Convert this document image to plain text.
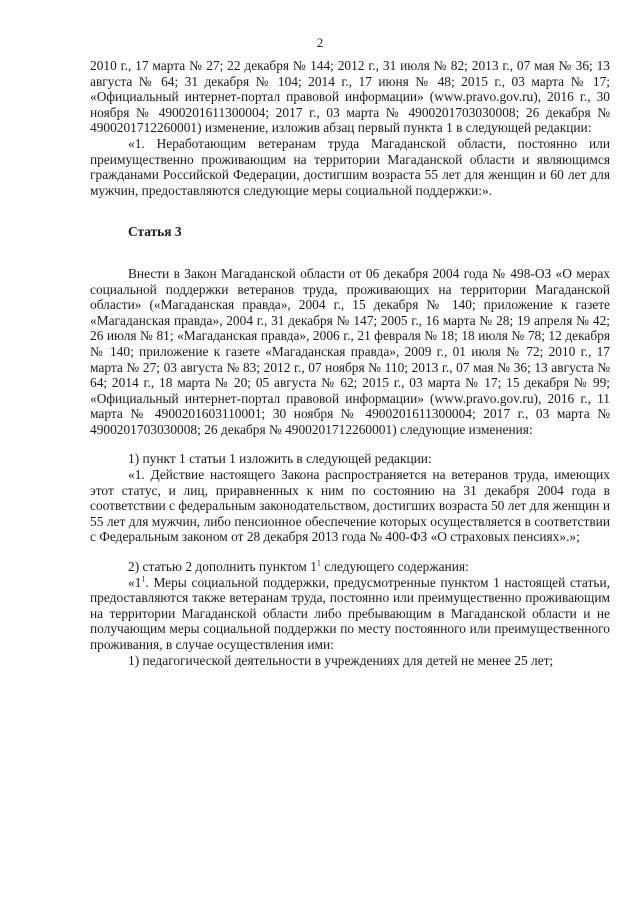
2

2010 г., 17 марта № 27; 22 декабря № 144; 2012 г., 31 июля № 82; 2013 г., 07 мая № 36; 13 августа № 64; 31 декабря № 104; 2014 г., 17 июня № 48; 2015 г., 03 марта № 17; «Официальный интернет-портал правовой информации» (www.pravo.gov.ru), 2016 г., 30 ноября № 4900201611300004; 2017 г., 03 марта № 4900201703030008; 26 декабря № 4900201712260001) изменение, изложив абзац первый пункта 1 в следующей редакции:

«1. Неработающим ветеранам труда Магаданской области, постоянно или преимущественно проживающим на территории Магаданской области и являющимся гражданами Российской Федерации, достигшим возраста 55 лет для женщин и 60 лет для мужчин, предоставляются следующие меры социальной поддержки:».

Статья 3

Внести в Закон Магаданской области от 06 декабря 2004 года № 498-ОЗ «О мерах социальной поддержки ветеранов труда, проживающих на территории Магаданской области» («Магаданская правда», 2004 г., 15 декабря № 140; приложение к газете «Магаданская правда», 2004 г., 31 декабря № 147; 2005 г., 16 марта № 28; 19 апреля № 42; 26 июля № 81; «Магаданская правда», 2006 г., 21 февраля № 18; 18 июля № 78; 12 декабря № 140; приложение к газете «Магаданская правда», 2009 г., 01 июля № 72; 2010 г., 17 марта № 27; 03 августа № 83; 2012 г., 07 ноября № 110; 2013 г., 07 мая № 36; 13 августа № 64; 2014 г., 18 марта № 20; 05 августа № 62; 2015 г., 03 марта № 17; 15 декабря № 99; «Официальный интернет-портал правовой информации» (www.pravo.gov.ru), 2016 г., 11 марта № 4900201603110001; 30 ноября № 4900201611300004; 2017 г., 03 марта № 4900201703030008; 26 декабря № 4900201712260001) следующие изменения:

1) пункт 1 статьи 1 изложить в следующей редакции:

«1. Действие настоящего Закона распространяется на ветеранов труда, имеющих этот статус, и лиц, приравненных к ним по состоянию на 31 декабря 2004 года в соответствии с федеральным законодательством, достигших возраста 50 лет для женщин и 55 лет для мужчин, либо пенсионное обеспечение которых осуществляется в соответствии с Федеральным законом от 28 декабря 2013 года № 400-ФЗ «О страховых пенсиях».»;

2) статью 2 дополнить пунктом $1^1$ следующего содержания:

«$1^1$. Меры социальной поддержки, предусмотренные пунктом 1 настоящей статьи, предоставляются также ветеранам труда, постоянно или преимущественно проживающим на территории Магаданской области либо пребывающим в Магаданской области и не получающим меры социальной поддержки по месту постоянного или преимущественного проживания, в случае осуществления ими:

1) педагогической деятельности в учреждениях для детей не менее 25 лет;
